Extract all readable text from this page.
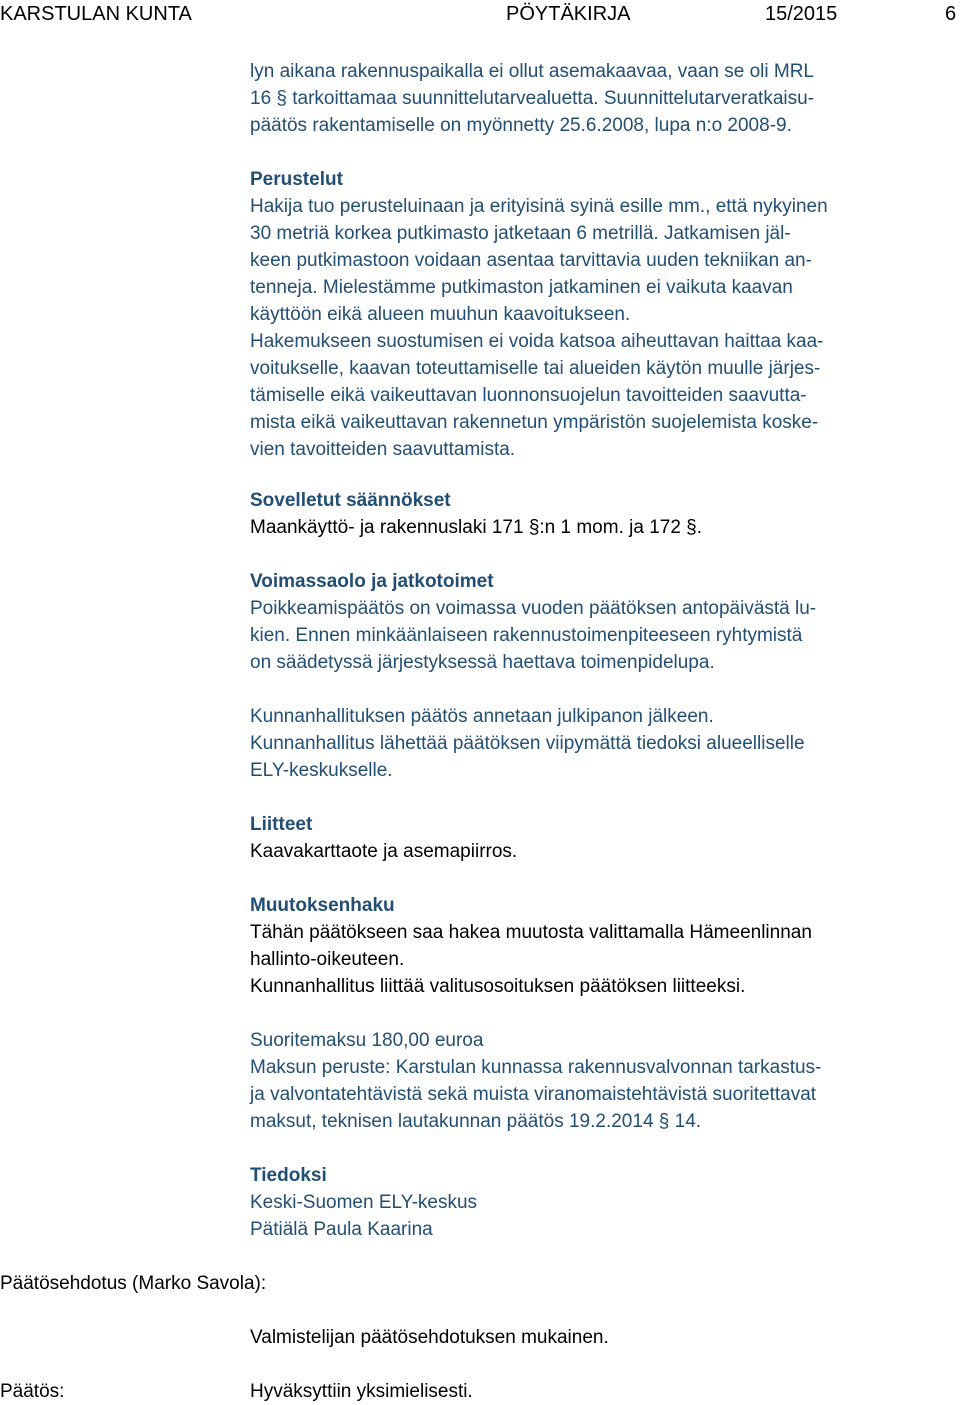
KARSTULAN KUNTA	PÖYTÄKIRJA	15/2015	6
lyn aikana rakennuspaikalla ei ollut asemakaavaa, vaan se oli MRL
16 § tarkoittamaa suunnittelutarvealuetta. Suunnittelutarveratkaisu-
päätös rakentamiselle on myönnetty 25.6.2008, lupa n:o 2008-9.
Perustelut
Hakija tuo perusteluinaan ja erityisinä syinä esille mm., että nykyinen
30 metriä korkea putkimasto jatketaan 6 metrillä. Jatkamisen jäl-
keen putkimastoon voidaan asentaa tarvittavia uuden tekniikan an-
tenneja. Mielestämme putkimaston jatkaminen ei vaikuta kaavan
käyttöön eikä alueen muuhun kaavoitukseen.
Hakemukseen suostumisen ei voida katsoa aiheuttavan haittaa kaa-
voitukselle, kaavan toteuttamiselle tai alueiden käytön muulle järjes-
tämiselle eikä vaikeuttavan luonnonsuojelun tavoitteiden saavutta-
mista eikä vaikeuttavan rakennetun ympäristön suojelemista koske-
vien tavoitteiden saavuttamista.
Sovelletut säännökset
Maankäyttö- ja rakennuslaki 171 §:n 1 mom. ja 172 §.
Voimassaolo ja jatkotoimet
Poikkeamispäätös on voimassa vuoden päätöksen antopäivästä lu-
kien. Ennen minkäänlaiseen rakennustoimenpiteeseen ryhtymistä
on säädetyssä järjestyksessä haettava toimenpidelupa.
Kunnanhallituksen päätös annetaan julkipanon jälkeen.
Kunnanhallitus lähettää päätöksen viipymättä tiedoksi alueelliselle
ELY-keskukselle.
Liitteet
Kaavakarttaote ja asemapiirros.
Muutoksenhaku
Tähän päätökseen saa hakea muutosta valittamalla Hämeenlinnan
hallinto-oikeuteen.
Kunnanhallitus liittää valitusosoituksen päätöksen liitteeksi.
Suoritemaksu 180,00 euroa
Maksun peruste: Karstulan kunnassa rakennusvalvonnan tarkastus-
ja valvontatehtävistä sekä muista viranomaistehtävistä suoritettavat
maksut, teknisen lautakunnan päätös 19.2.2014 § 14.
Tiedoksi
Keski-Suomen ELY-keskus
Pätiälä Paula Kaarina
Päätösehdotus (Marko Savola):
Valmistelijan päätösehdotuksen mukainen.
Päätös:	Hyväksyttiin yksimielisesti.
